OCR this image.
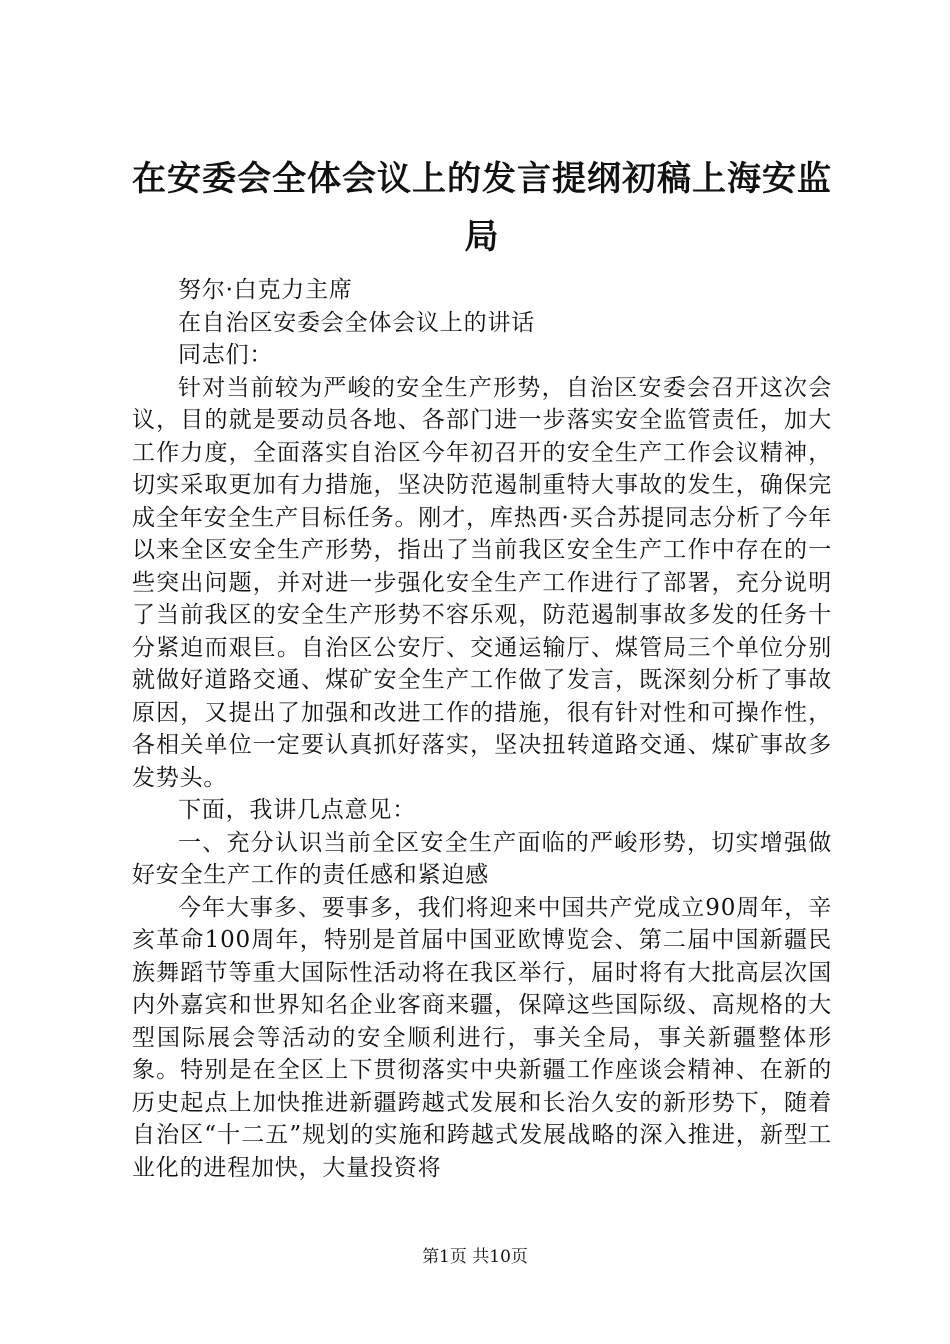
在安委会全体会议上的发言提纲初稿上海安监局

努尔·白克力主席

在自治区安委会全体会议上的讲话

同志们：

针对当前较为严峻的安全生产形势，自治区安委会召开这次会议，目的就是要动员各地、各部门进一步落实安全监管责任，加大工作力度，全面落实自治区今年初召开的安全生产工作会议精神，切实采取更加有力措施，坚决防范遏制重特大事故的发生，确保完成全年安全生产目标任务。刚才，库热西·买合苏提同志分析了今年以来全区安全生产形势，指出了当前我区安全生产工作中存在的一些突出问题，并对进一步强化安全生产工作进行了部署，充分说明了当前我区的安全生产形势不容乐观，防范遏制事故多发的任务十分紧迫而艰巨。自治区公安厅、交通运输厅、煤管局三个单位分别就做好道路交通、煤矿安全生产工作做了发言，既深刻分析了事故原因，又提出了加强和改进工作的措施，很有针对性和可操作性，各相关单位一定要认真抓好落实，坚决扭转道路交通、煤矿事故多发势头。

下面，我讲几点意见：

一、充分认识当前全区安全生产面临的严峻形势，切实增强做好安全生产工作的责任感和紧迫感

今年大事多、要事多，我们将迎来中国共产党成立90周年，辛亥革命100周年，特别是首届中国亚欧博览会、第二届中国新疆民族舞蹈节等重大国际性活动将在我区举行，届时将有大批高层次国内外嘉宾和世界知名企业客商来疆，保障这些国际级、高规格的大型国际展会等活动的安全顺利进行，事关全局，事关新疆整体形象。特别是在全区上下贯彻落实中央新疆工作座谈会精神、在新的历史起点上加快推进新疆跨越式发展和长治久安的新形势下，随着自治区“十二五”规划的实施和跨越式发展战略的深入推进，新型工业化的进程加快，大量投资将

第1页 共10页
